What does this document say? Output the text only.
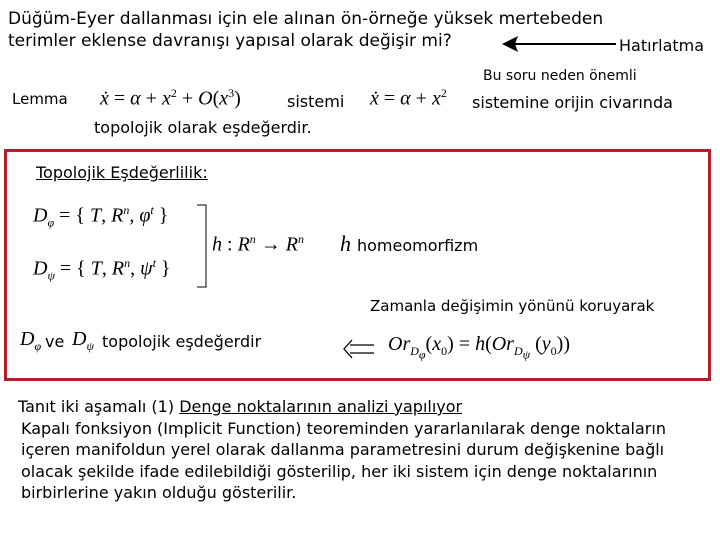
Düğüm-Eyer dallanması için ele alınan ön-örneğe yüksek mertebeden
terimler eklense davranışı yapısal olarak değişir mi?	Hatırlatma
Bu soru neden önemli
Lemma ẋ = $\alpha + x^2 + O(x^3)$	sistemi ẋ = $\alpha + x^2$ sistemine orijin civarında
topolojik olarak eşdeğerdir.
Topolojik Eşdeğerlilik:
$D_\varphi$ = { T, $R^n$, $\varphi^t$ }
$D_\psi$ = { T, $R^n$, $\psi^t$ }
h : $R^n \to R^n$ h homeomorfizm
Zamanla değişimin yönünü koruyarak
$D_\varphi$ ve $D_\psi$ topolojik eşdeğerdir	$Or_{D_\varphi}(x_0) = h(Or_{D_\psi}$ $(y_0)$)
Tanıt iki aşamalı (1) Denge noktalarının analizi yapılıyor
Kapalı fonksiyon (Implicit Function) teoreminden yararlanılarak denge noktaların içeren manifoldun yerel olarak dallanma parametresini durum değişkenine bağlı olacak şekilde ifade edilebildiği gösterilip, her iki sistem için denge noktalarının birbirlerine yakın olduğu gösterilir.
